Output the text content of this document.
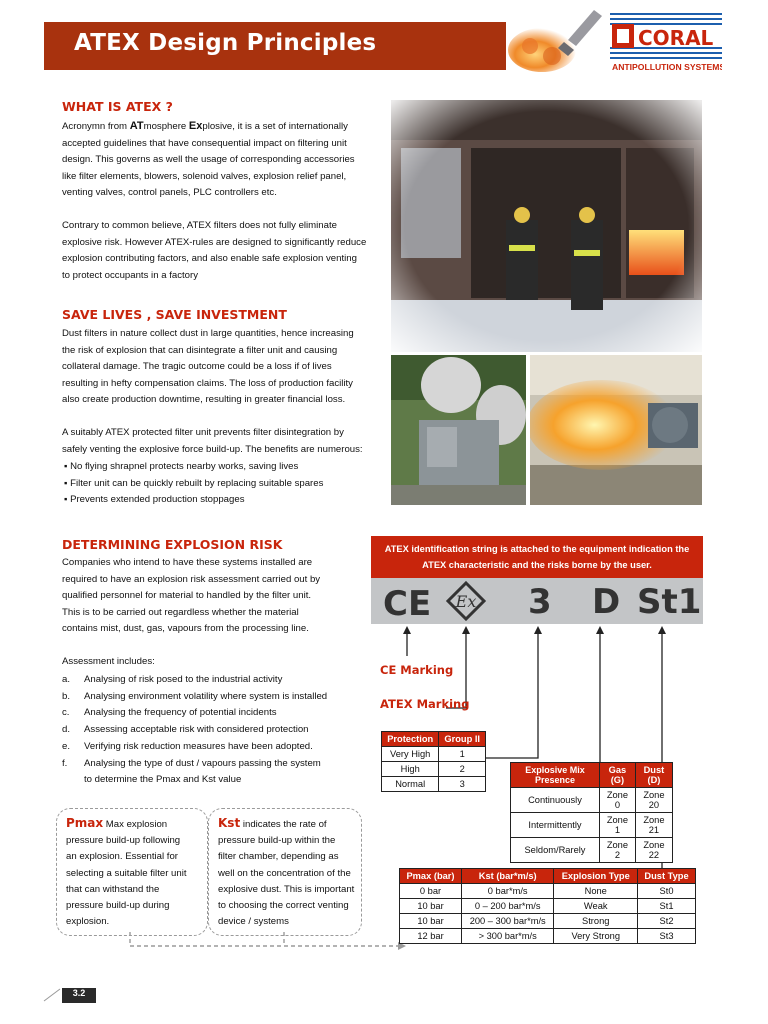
ATEX Design Principles	CORAL
ANTIPOLLUTION SYSTEMS
WHAT IS ATEX ?
Acronymn from ATmosphere Explosive, it is a set of internationally
accepted guidelines that have consequential impact on filtering unit
design. This governs as well the usage of corresponding accessories
like filter elements, blowers, solenoid valves, explosion relief panel,
venting valves, control panels, PLC controllers etc.
Contrary to common believe, ATEX filters does not fully eliminate
explosive risk. However ATEX-rules are designed to significantly reduce
explosion contributing factors, and also enable safe explosion venting
to protect occupants in a factory
SAVE LIVES , SAVE INVESTMENT
Dust filters in nature collect dust in large quantities, hence increasing
the risk of explosion that can disintegrate a filter unit and causing
collateral damage. The tragic outcome could be a loss if of lives
resulting in hefty compensation claims. The loss of production facility
also create production downtime, resulting in greater financial loss.
A suitably ATEX protected filter unit prevents filter disintegration by
safely venting the explosive force build-up. The benefits are numerous:
▪ No flying shrapnel protects nearby works, saving lives
▪ Filter unit can be quickly rebuilt by replacing suitable spares
▪ Prevents extended production stoppages
DETERMINING EXPLOSION RISK
Companies who intend to have these systems installed are
required to have an explosion risk assessment carried out by
qualified personnel for material to handled by the filter unit.
This is to be carried out regardless whether the material
contains mist, dust, gas, vapours from the processing line.
Assessment includes:
a. Analysing of risk posed to the industrial activity
b. Analysing environment volatility where system is installed
c. Analysing the frequency of potential incidents
d. Assessing acceptable risk with considered protection
e. Verifying risk reduction measures have been adopted.
f. Analysing the type of dust / vapours passing the system
to determine the Pmax and Kst value
Pmax Max explosion
pressure build-up following
an explosion. Essential for
selecting a suitable filter unit
that can withstand the
pressure build-up during
explosion.
Kst indicates the rate of
pressure build-up within the
filter chamber, depending as
well on the concentration of the
explosive dust. This is important
to choosing the correct venting
device / systems
ATEX identification string is attached to the equipment indication the
ATEX characteristic and the risks borne by the user.
CE Ex 3 D St1
CE Marking
ATEX Marking
Protection	Group II
Very High	1
High	2
Normal	3
Explosive Mix Presence	Gas (G)	Dust (D)
Continuously	Zone 0	Zone 20
Intermittently	Zone 1	Zone 21
Seldom/Rarely	Zone 2	Zone 22
Pmax (bar)	Kst (bar*m/s)	Explosion Type	Dust Type
0 bar	0 bar*m/s	None	St0
10 bar	0 – 200 bar*m/s	Weak	St1
10 bar	200 – 300 bar*m/s	Strong	St2
12 bar	> 300 bar*m/s	Very Strong	St3
3.2
